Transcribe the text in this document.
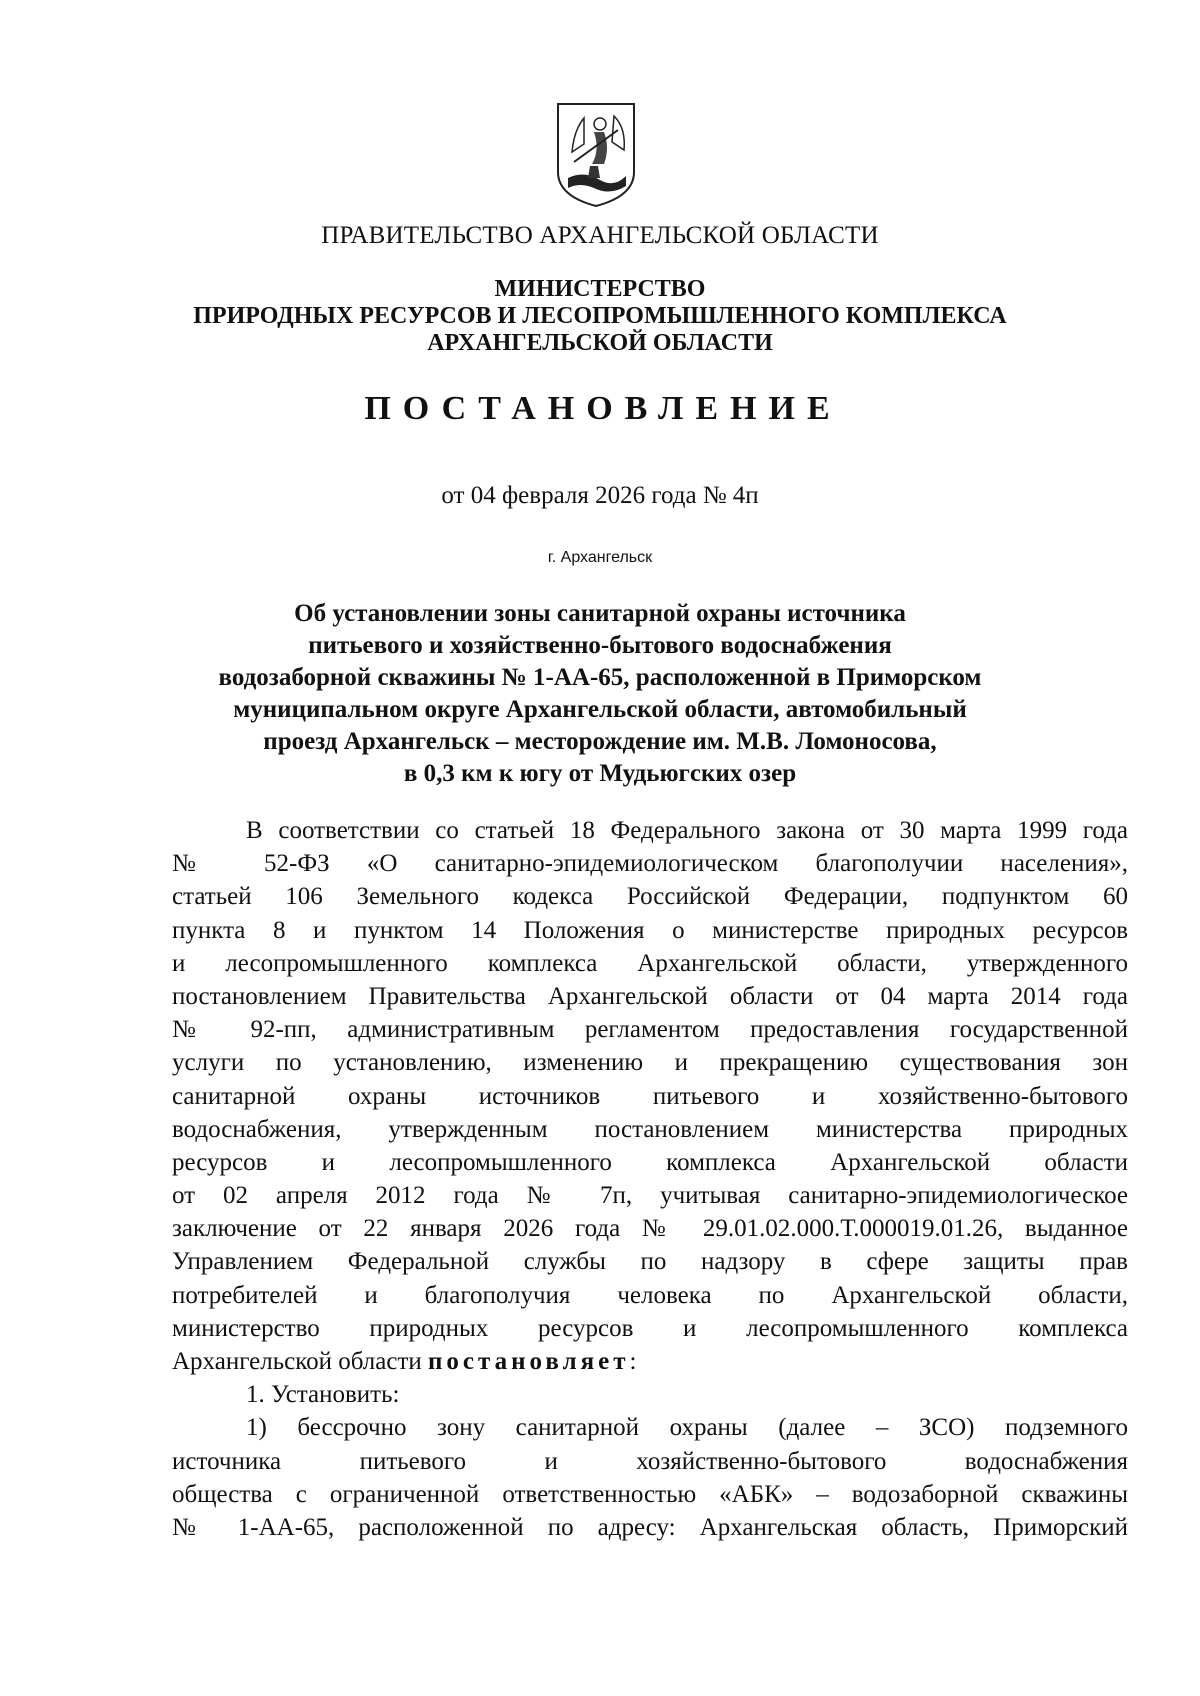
ПРАВИТЕЛЬСТВО АРХАНГЕЛЬСКОЙ ОБЛАСТИ
МИНИСТЕРСТВО
ПРИРОДНЫХ РЕСУРСОВ И ЛЕСОПРОМЫШЛЕННОГО КОМПЛЕКСА
АРХАНГЕЛЬСКОЙ ОБЛАСТИ
ПОСТАНОВЛЕНИЕ
от 04 февраля 2026 года № 4п
г. Архангельск
Об установлении зоны санитарной охраны источника
питьевого и хозяйственно-бытового водоснабжения
водозаборной скважины № 1-АА-65, расположенной в Приморском
муниципальном округе Архангельской области, автомобильный
проезд Архангельск – месторождение им. М.В. Ломоносова,
в 0,3 км к югу от Мудьюгских озер
В соответствии со статьей 18 Федерального закона от 30 марта 1999 года
№ 52-ФЗ «О санитарно-эпидемиологическом благополучии населения»,
статьей 106 Земельного кодекса Российской Федерации, подпунктом 60
пункта 8 и пунктом 14 Положения о министерстве природных ресурсов
и лесопромышленного комплекса Архангельской области, утвержденного
постановлением Правительства Архангельской области от 04 марта 2014 года
№ 92-пп, административным регламентом предоставления государственной
услуги по установлению, изменению и прекращению существования зон
санитарной охраны источников питьевого и хозяйственно-бытового
водоснабжения, утвержденным постановлением министерства природных
ресурсов и лесопромышленного комплекса Архангельской области
от 02 апреля 2012 года № 7п, учитывая санитарно-эпидемиологическое
заключение от 22 января 2026 года № 29.01.02.000.Т.000019.01.26, выданное
Управлением Федеральной службы по надзору в сфере защиты прав
потребителей и благополучия человека по Архангельской области,
министерство природных ресурсов и лесопромышленного комплекса
Архангельской области постановляет:
1. Установить:
1) бессрочно зону санитарной охраны (далее – ЗСО) подземного
источника питьевого и хозяйственно-бытового водоснабжения
общества с ограниченной ответственностью «АБК» – водозаборной скважины
№ 1-АА-65, расположенной по адресу: Архангельская область, Приморский
